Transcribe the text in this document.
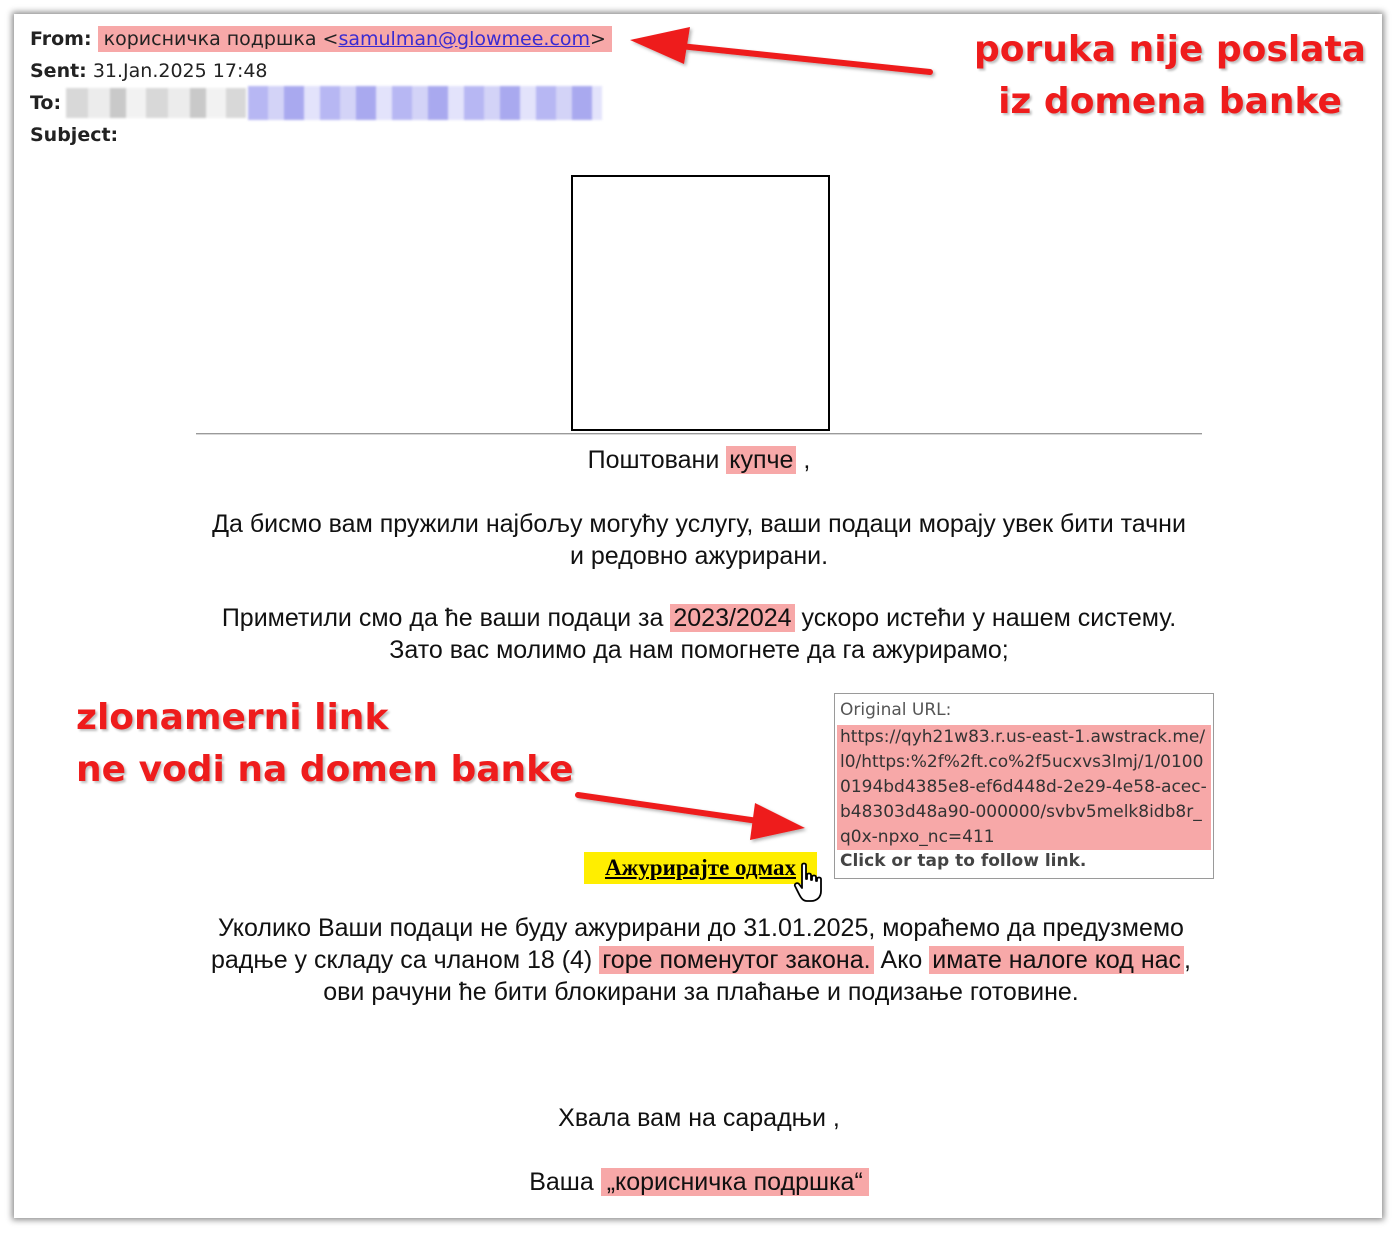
From: корисничка подршка <samulman@glowmee.com>
Sent: 31.Jan.2025 17:48
To:
Subject:
poruka nije poslata
iz domena banke
zlonamerni link
ne vodi na domen banke
Поштовани купче ,
Да бисмо вам пружили најбољу могућу услугу, ваши подаци морају увек бити тачни и редовно ажурирани.
Приметили смо да ће ваши подаци за 2023/2024 ускоро истећи у нашем систему. Зато вас молимо да нам помогнете да га ажурирамо;
Original URL:
https://qyh21w83.r.us-east-1.awstrack.me/l0/https:%2f%2ft.co%2f5ucxvs3lmj/1/01000194bd4385e8-ef6d448d-2e29-4e58-acec-b48303d48a90-000000/svbv5melk8idb8r_q0x-npxo_nc=411
Click or tap to follow link.
Ажурирајте одмах
Уколико Ваши подаци не буду ажурирани до 31.01.2025, мораћемо да предузмемо радње у складу са чланом 18 (4) горе поменутог закона. Ако имате налоге код нас , ови рачуни ће бити блокирани за плаћање и подизање готовине.
Хвала вам на сарадњи ,
Ваша „корисничка подршка“
